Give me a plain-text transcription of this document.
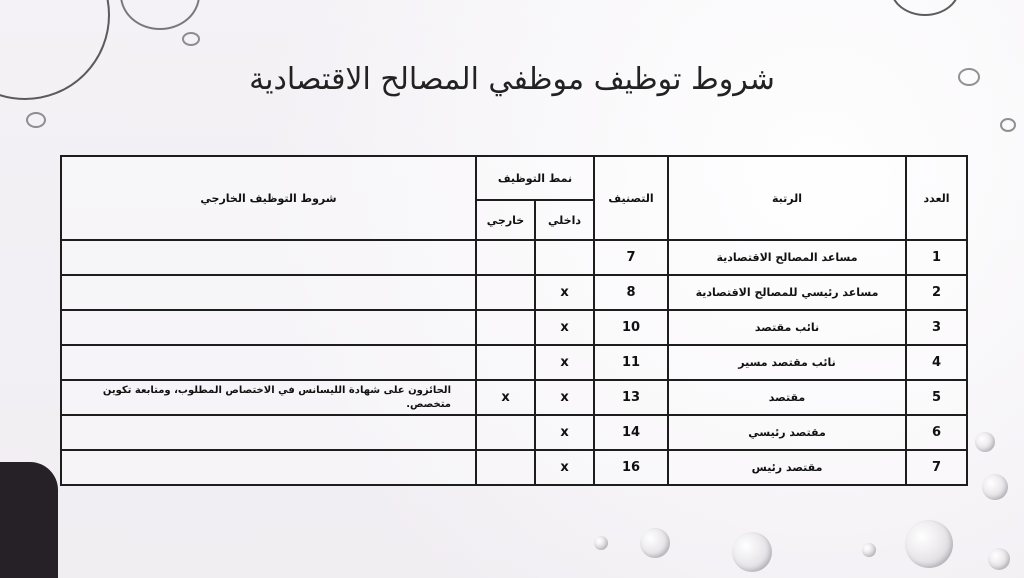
شروط توظيف موظفي المصالح الاقتصادية
العدد	الرتبة	التصنيف	نمط التوظيف		شروط التوظيف الخارجي
			داخلي	خارجي	
1	مساعد المصالح الاقتصادية	7			
2	مساعد رئيسي للمصالح الاقتصادية	8	x		
3	نائب مقتصد	10	x		
4	نائب مقتصد مسير	11	x		
5	مقتصد	13	x	x	الحائزون على شهادة الليسانس في الاختصاص المطلوب، ومتابعة تكوين متخصص.
6	مقتصد رئيسي	14	x		
7	مقتصد رئيس	16	x		
